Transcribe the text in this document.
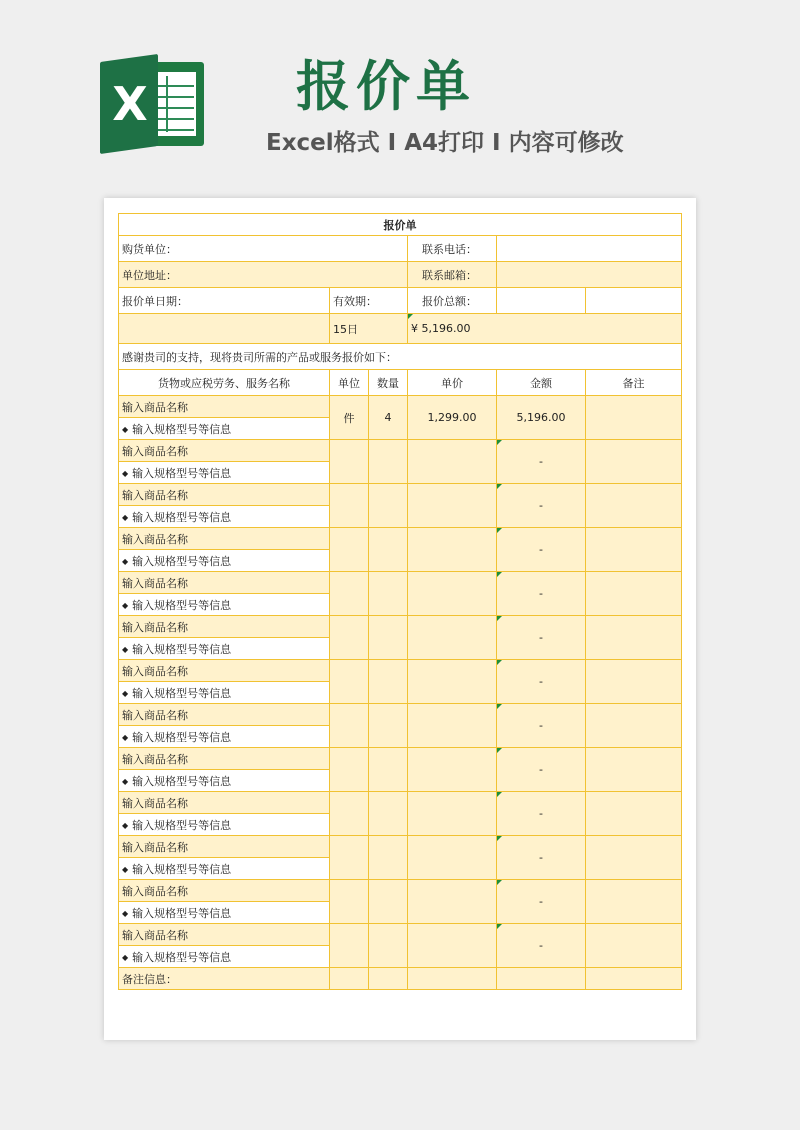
X	报价单
Excel格式 I A4打印 I 内容可修改
报价单					
购货单位：			联系电话：		
单位地址：			联系邮箱：		
报价单日期：	有效期：		报价总额：		
	15日		¥ 5,196.00		
感谢贵司的支持，现将贵司所需的产品或服务报价如下：					
货物或应税劳务、服务名称	单位	数量	单价	金额	备注
输入商品名称	件	4	1,299.00	5,196.00	
◆ 输入规格型号等信息					
输入商品名称				-	
◆ 输入规格型号等信息					
输入商品名称				-	
◆ 输入规格型号等信息					
输入商品名称				-	
◆ 输入规格型号等信息					
输入商品名称				-	
◆ 输入规格型号等信息					
输入商品名称				-	
◆ 输入规格型号等信息					
输入商品名称				-	
◆ 输入规格型号等信息					
输入商品名称				-	
◆ 输入规格型号等信息					
输入商品名称				-	
◆ 输入规格型号等信息					
输入商品名称				-	
◆ 输入规格型号等信息					
输入商品名称				-	
◆ 输入规格型号等信息					
输入商品名称				-	
◆ 输入规格型号等信息					
输入商品名称				-	
◆ 输入规格型号等信息					
备注信息：					
